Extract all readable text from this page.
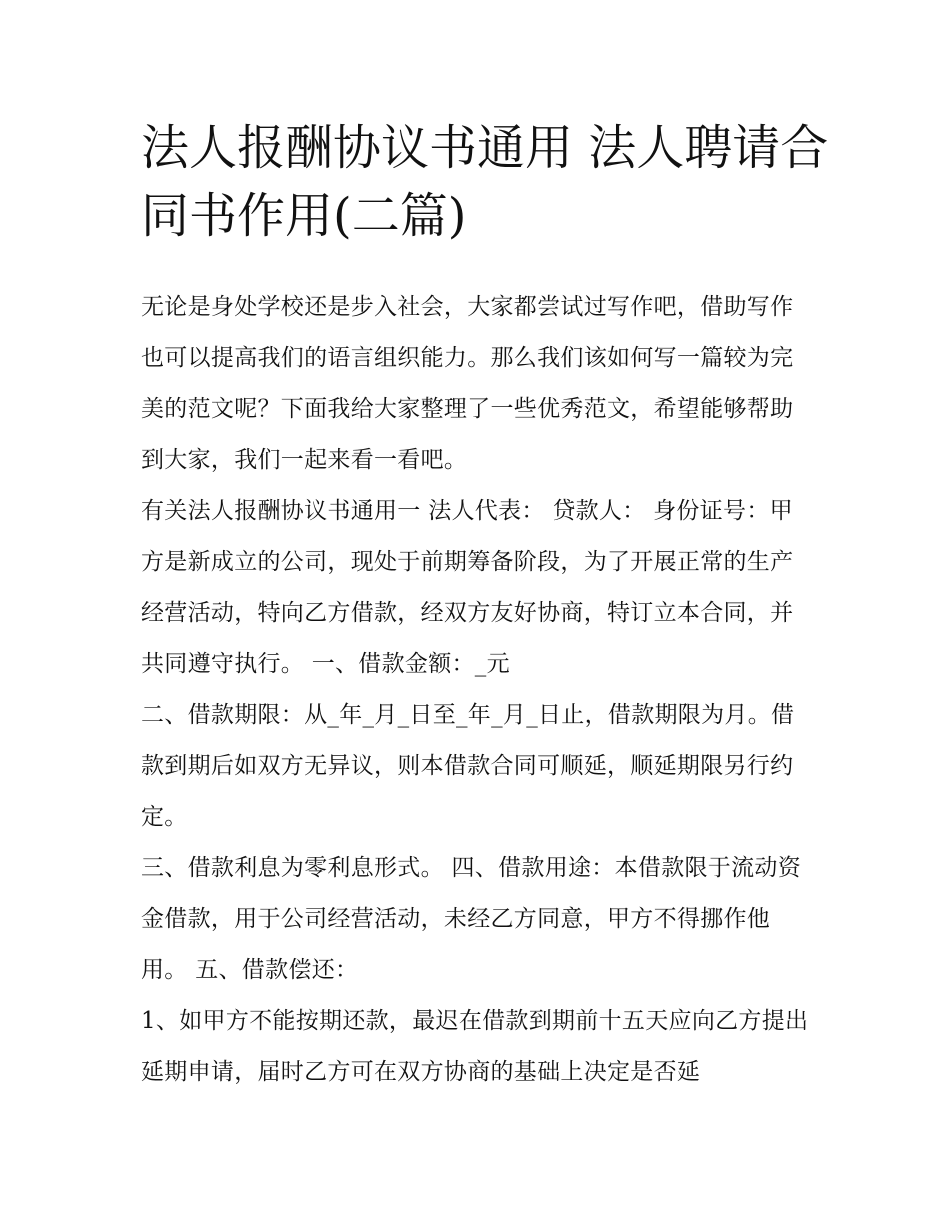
法人报酬协议书通用 法人聘请合同书作用(二篇)

无论是身处学校还是步入社会，大家都尝试过写作吧，借助写作也可以提高我们的语言组织能力。那么我们该如何写一篇较为完美的范文呢？下面我给大家整理了一些优秀范文，希望能够帮助到大家，我们一起来看一看吧。

有关法人报酬协议书通用一 法人代表： 贷款人： 身份证号：甲方是新成立的公司，现处于前期筹备阶段，为了开展正常的生产经营活动，特向乙方借款，经双方友好协商，特订立本合同，并共同遵守执行。 一、借款金额：_元

二、借款期限：从_年_月_日至_年_月_日止，借款期限为月。借款到期后如双方无异议，则本借款合同可顺延，顺延期限另行约定。

三、借款利息为零利息形式。 四、借款用途：本借款限于流动资金借款，用于公司经营活动，未经乙方同意，甲方不得挪作他用。 五、借款偿还：

1、如甲方不能按期还款，最迟在借款到期前十五天应向乙方提出延期申请，届时乙方可在双方协商的基础上决定是否延
